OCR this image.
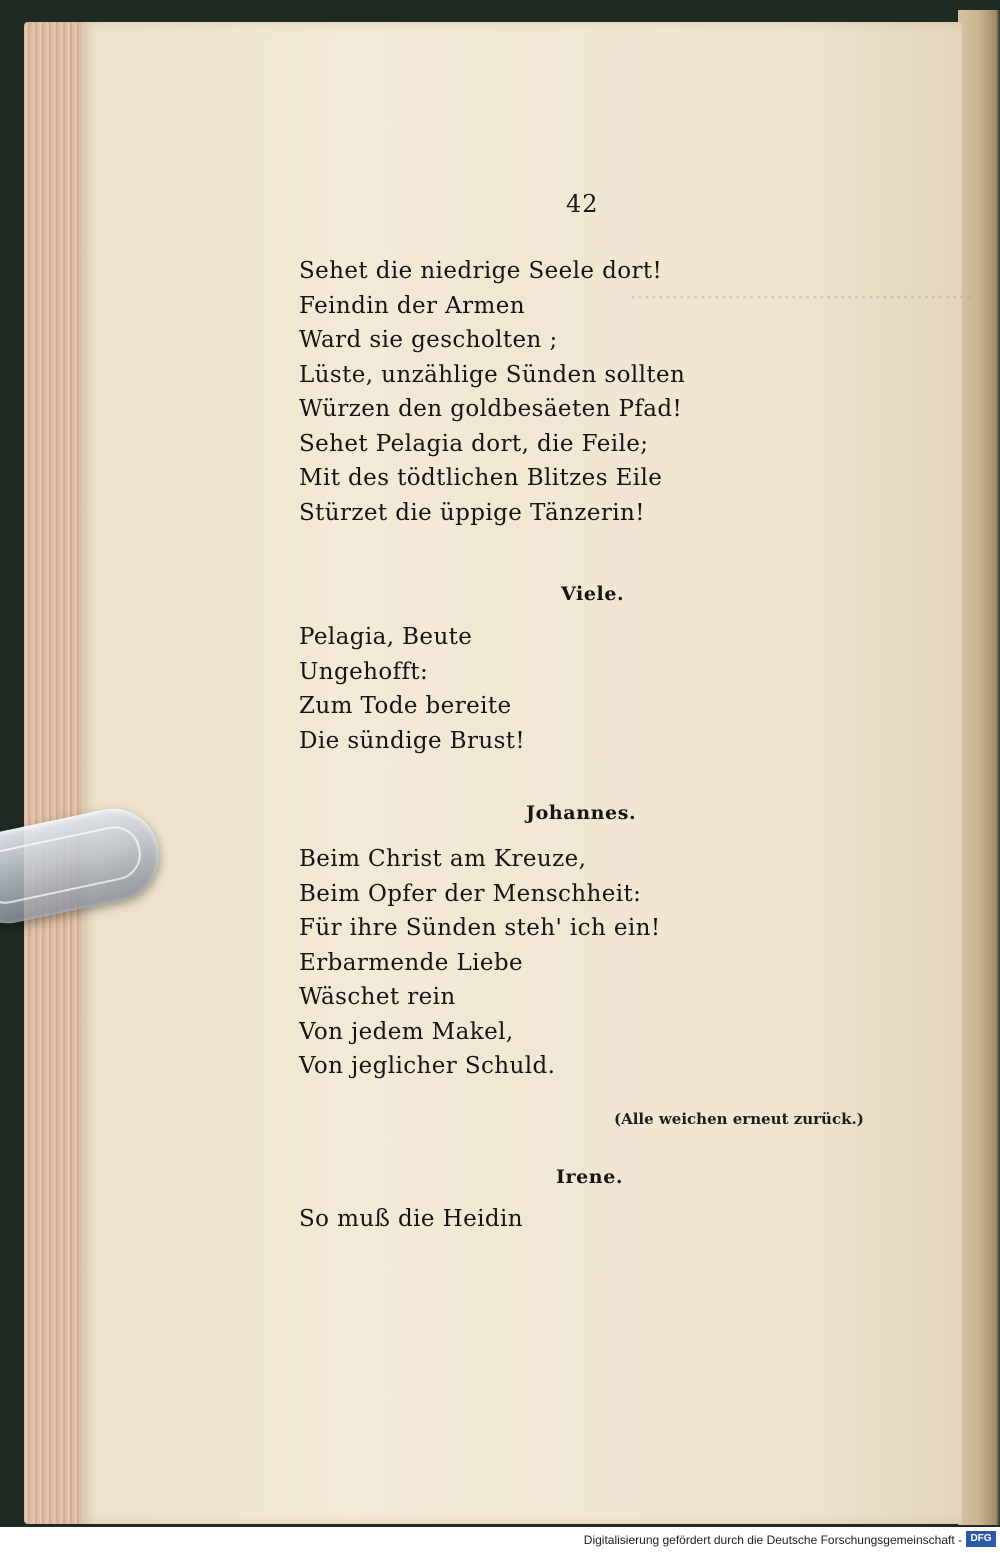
·················································
42
Sehet die niedrige Seele dort!
Feindin der Armen
Ward sie gescholten ;
Lüste, unzählige Sünden sollten
Würzen den goldbesäeten Pfad!
Sehet Pelagia dort, die Feile;
Mit des tödtlichen Blitzes Eile
Stürzet die üppige Tänzerin!
Viele.
Pelagia, Beute
Ungehofft:
Zum Tode bereite
Die sündige Brust!
Johannes.
Beim Christ am Kreuze,
Beim Opfer der Menschheit:
Für ihre Sünden steh' ich ein!
Erbarmende Liebe
Wäschet rein
Von jedem Makel,
Von jeglicher Schuld.
(Alle weichen erneut zurück.)
Irene.
So muß die Heidin
Digitalisierung gefördert durch die Deutsche Forschungsgemeinschaft - DFG
